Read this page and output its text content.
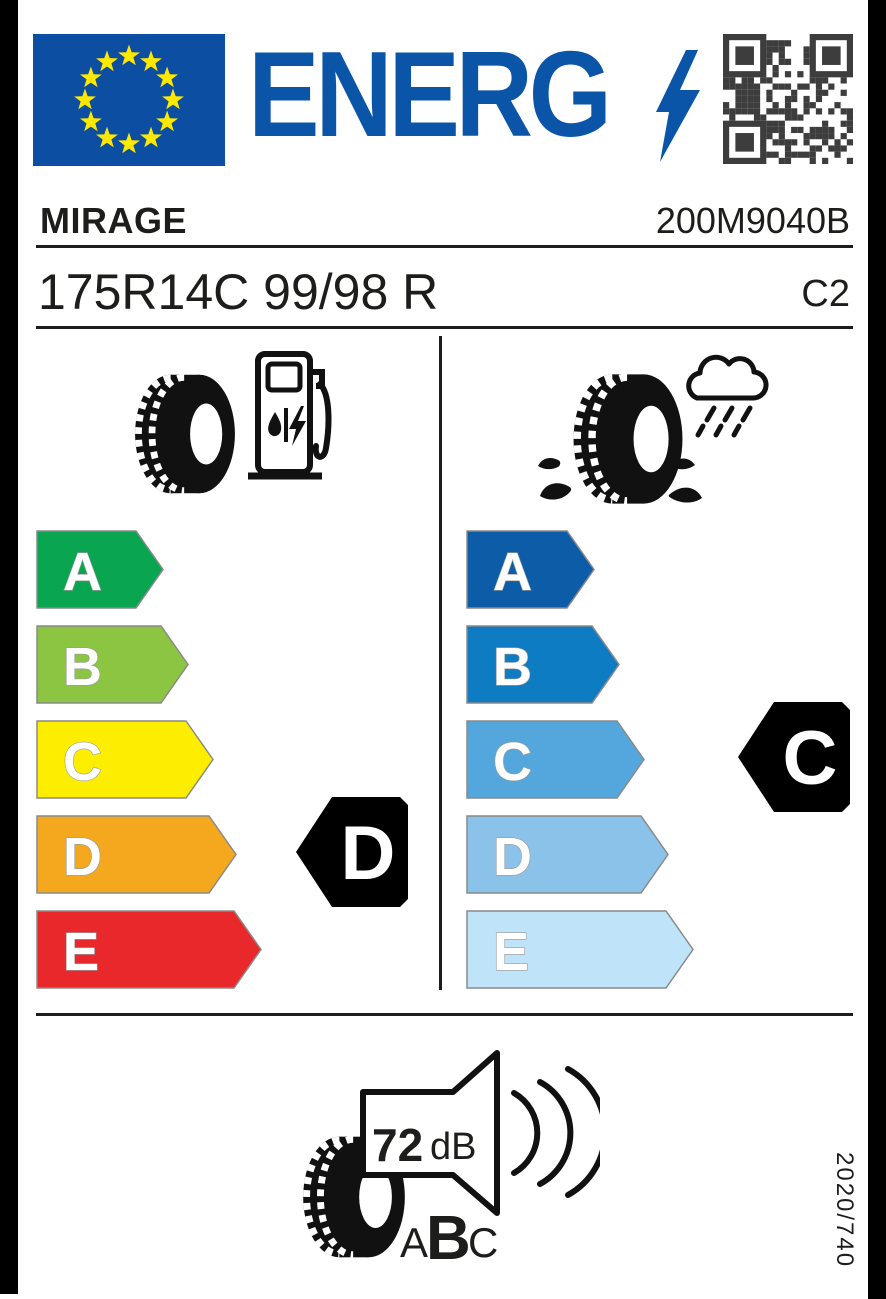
ENERG
MIRAGE	200M9040B
175R14C 99/98 R	C2
A
B
C
D
E
A
B
C
D
E
D
C
72 dB
A
B
C	2020/740
